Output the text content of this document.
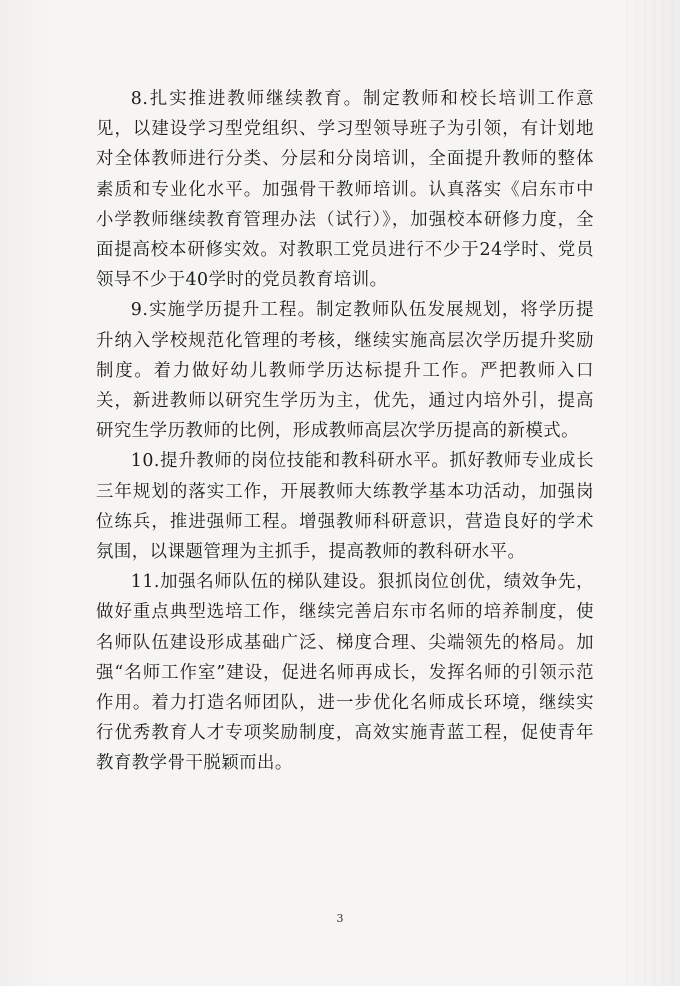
8.扎实推进教师继续教育。制定教师和校长培训工作意见，以建设学习型党组织、学习型领导班子为引领，有计划地对全体教师进行分类、分层和分岗培训，全面提升教师的整体素质和专业化水平。加强骨干教师培训。认真落实《启东市中小学教师继续教育管理办法（试行）》，加强校本研修力度，全面提高校本研修实效。对教职工党员进行不少于24学时、党员领导不少于40学时的党员教育培训。

9.实施学历提升工程。制定教师队伍发展规划，将学历提升纳入学校规范化管理的考核，继续实施高层次学历提升奖励制度。着力做好幼儿教师学历达标提升工作。严把教师入口关，新进教师以研究生学历为主，优先，通过内培外引，提高研究生学历教师的比例，形成教师高层次学历提高的新模式。

10.提升教师的岗位技能和教科研水平。抓好教师专业成长三年规划的落实工作，开展教师大练教学基本功活动，加强岗位练兵，推进强师工程。增强教师科研意识，营造良好的学术氛围，以课题管理为主抓手，提高教师的教科研水平。

11.加强名师队伍的梯队建设。狠抓岗位创优，绩效争先，做好重点典型选培工作，继续完善启东市名师的培养制度，使名师队伍建设形成基础广泛、梯度合理、尖端领先的格局。加强“名师工作室”建设，促进名师再成长，发挥名师的引领示范作用。着力打造名师团队，进一步优化名师成长环境，继续实行优秀教育人才专项奖励制度，高效实施青蓝工程，促使青年教育教学骨干脱颖而出。

3
